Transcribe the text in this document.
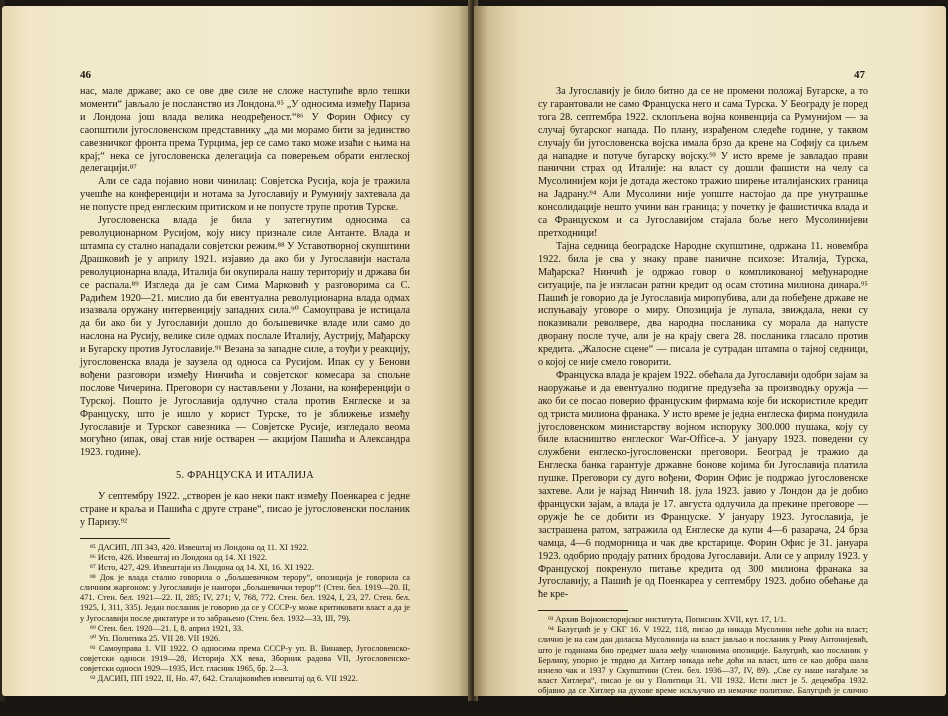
46

нас, мале државе; ако се ове две силе не сложе наступиће врло тешки моменти“ јављало је посланство из Лондона.⁸⁵ „У односима између Париза и Лондона још влада велика неодређеност.“⁸⁶ У Форин Офису су саопштили југословенском представнику „да ми морамо бити за јединство савезничког фронта према Турцима, јер се само тако може изаћи с њима на крај;“ нека се југословенска делегација са поверењем обрати енглеској делегацији.⁸⁷

Али се сада појавио нови чинилац: Совјетска Русија, која је тражила учешће на конференцији и нотама за Југославију и Румунију захтевала да не попусте пред енглеским притиском и не попусте трупе против Турске.

Југословенска влада је била у затегнутим односима са револуционарном Русијом, коју нису признале силе Антанте. Влада и штампа су стално нападали совјетски режим.⁸⁸ У Уставотворној скупштини Драшковић је у априлу 1921. изјавио да ако би у Југославији настала револуционарна влада, Италија би окупирала нашу територију и држава би се распала.⁸⁹ Изгледа да је сам Сима Марковић у разговорима са С. Радићем 1920—21. мислио да би евентуална револуционарна влада одмах изазвала оружану интервенцију западних сила.⁹⁰ Самоуправа је истицала да би ако би у Југославији дошло до бољшевичке владе или само до наслона на Русију, велике силе одмах послале Италију, Аустрију, Мађарску и Бугарску против Југославије.⁹¹ Везана за западне силе, а тоуђи у реакцију, југословенска влада је заузела од односа са Русијом. Ипак су у Бенови вођени разговори између Нинчића и совјетског комесара за спољне послове Чичерина. Преговори су настављени у Лозани, на конференцији о Турској. Пошто је Југославија одлучно стала против Енглеске и за Француску, што је ишло у корист Турске, то је зближење између Југославије и Турског савезника — Совјетске Русије, изгледало веома могућно (ипак, овај став није остварен — акцијом Пашића и Александра 1923. године).

5. ФРАНЦУСКА И ИТАЛИЈА

У септембру 1922. „створен је као неки пакт између Поенкареа с једне стране и краља и Пашића с друге стране“, писао је југословенски посланик у Паризу.⁹²

⁸⁵ ДАСИП, ЛП 343, 420. Извештај из Лондона од 11. XI 1922.

⁸⁶ Исто, 426. Извештај из Лондона од 14. XI 1922.

⁸⁷ Исто, 427, 429. Извештаји из Лондона од 14. XI, 16. XI 1922.

⁸⁸ Док је влада стално говорила о „бољшевичком терору“, опозиција је говорила са сличним жаргоном: у Југославији је наигори „бољшевички терор“! (Стен. бел. 1919—20. II, 471. Стен. бел. 1921—22. II, 285; IV, 271; V, 768, 772. Стен. бел. 1924, I, 23, 27. Стен. бел. 1925, I, 311, 335). Један посланик је говорио да се у СССР-у може критиковати власт а да је у Југославији после диктатуре и то забрањено (Стен. бел. 1932—33, III, 79).

⁸⁹ Стен. бел. 1920—21. I, 8. април 1921, 33.

⁹⁰ Уп. Политика 25. VII 28. VII 1926.

⁹¹ Самоуправа 1. VII 1922. О односима према СССР-у уп. В. Винавер, Југословенско-совјетски односи 1919—28, Историја XX века, Зборник радова VII, Југословенско-совјетски односи 1929—1935, Ист. гласник 1965, бр. 2—3.

⁹² ДАСИП, ПП 1922, II, Но. 47, 642. Сталајковићев извештај од 6. VII 1922.

47

За Југославију је било битно да се не промени положај Бугарске, а то су гарантовали не само Француска него и сама Турска. У Београду је поред тога 28. септембра 1922. склопљена војна конвенција са Румунијом — за случај бугарског напада. По плану, израђеном следеће године, у таквом случају би југословенска војска имала брзо да крене на Софију са циљем да нападне и потуче бугарску војску.⁹³ У исто време је завладао прави панични страх од Италије: на власт су дошли фашисти на челу са Мусолинијем који је дотада жестоко тражио ширење италијанских граница на Јадрану.⁹⁴ Али Мусолини није уопште настојао да пре унутрашње консолидације нешто учини ван граница; у почетку је фашистичка влада и са Француском и са Југославијом стајала боље него Мусолинијеви претходници!

Тајна седница београдске Народне скупштине, одржана 11. новембра 1922. била је сва у знаку праве паничне психозе: Италија, Турска, Мађарска? Нинчић је одржао говор о компликованој међународне ситуације, па је изгласан ратни кредит од осам стотина милиона динара.⁹⁵ Пашић је говорио да је Југославија миропубива, али да побеђене државе не испуњавају уговоре о миру. Опозиција је лупала, звиждала, неки су показивали револвере, два народна посланика су морала да напусте дворану после туче, али је на крају свега 28. посланика гласало против кредита. „Жалосне сцене“ — писала је сутрадан штампа о тајној седници, о којој се није смело говорити.

Француска влада је крајем 1922. обећала да Југославији одобри зајам за наоружање и да евентуално подигне предузећа за производњу оружја — ако би се посао повериo француским фирмама које би искористиле кредит од триста милиона франака. У исто време је једна енглеска фирма понудила југословенском министарству војном испоруку 300.000 пушака, коју су биле власништво енглеског War-Office-а. У јануару 1923. поведени су службени енглеско-југословенски преговори. Београд је тражио да Енглеска банка гарантује државне бонове којима би Југославија платила пушке. Преговори су дуго вођени, Форин Офис је подржао југословенске захтеве. Али је најзад Нинчић 18. јула 1923. јавио у Лондон да је добио француски зајам, а влада је 17. августа одлучила да прекине преговоре — оружје ће се добити из Француске. У јануару 1923. Југославија, је застрашена ратом, затражила од Енглеске да купи 4—6 разарача, 24 брза чамца, 4—6 подморница и чак две крстарице. Форин Офис је 31. јануара 1923. одобрио продају ратних бродова Југославији. Али се у априлу 1923. у Француској покренуло питање кредита од 300 милиона франака за Југославију, а Пашић је од Поенкареа у септембру 1923. добио обећање да ће кре-

⁹³ Архив Војноисторијског института, Пописник XVII, кут. 17, 1/1.

⁹⁴ Балугџић је у СКГ 16. V 1922, 118, писао да никада Мусолини неће доћи на власт; слично је на сам дан доласка Мусолинија на власт јављао и посланик у Риму Антонијевић, што је годинама био предмет шала међу члановима опозиције. Балугџић, као посланик у Берлину, упорно је тврдио да Хитлер никада неће доћи на власт, што се као добра шала изнело чак и 1937 у Скупштини (Стен. бел. 1936—37, IV, 89). „Све су наше нагађале за власт Хитлера“, писао је он у Политици 31. VII 1932. Исти лист је 5. децембра 1932. објавио да се Хитлер на духове време искључио из немачке политике. Балугџић је слично јављао и у својим извештајима министарству.

⁹⁵ Стен. бел. 1922, I, 53.
